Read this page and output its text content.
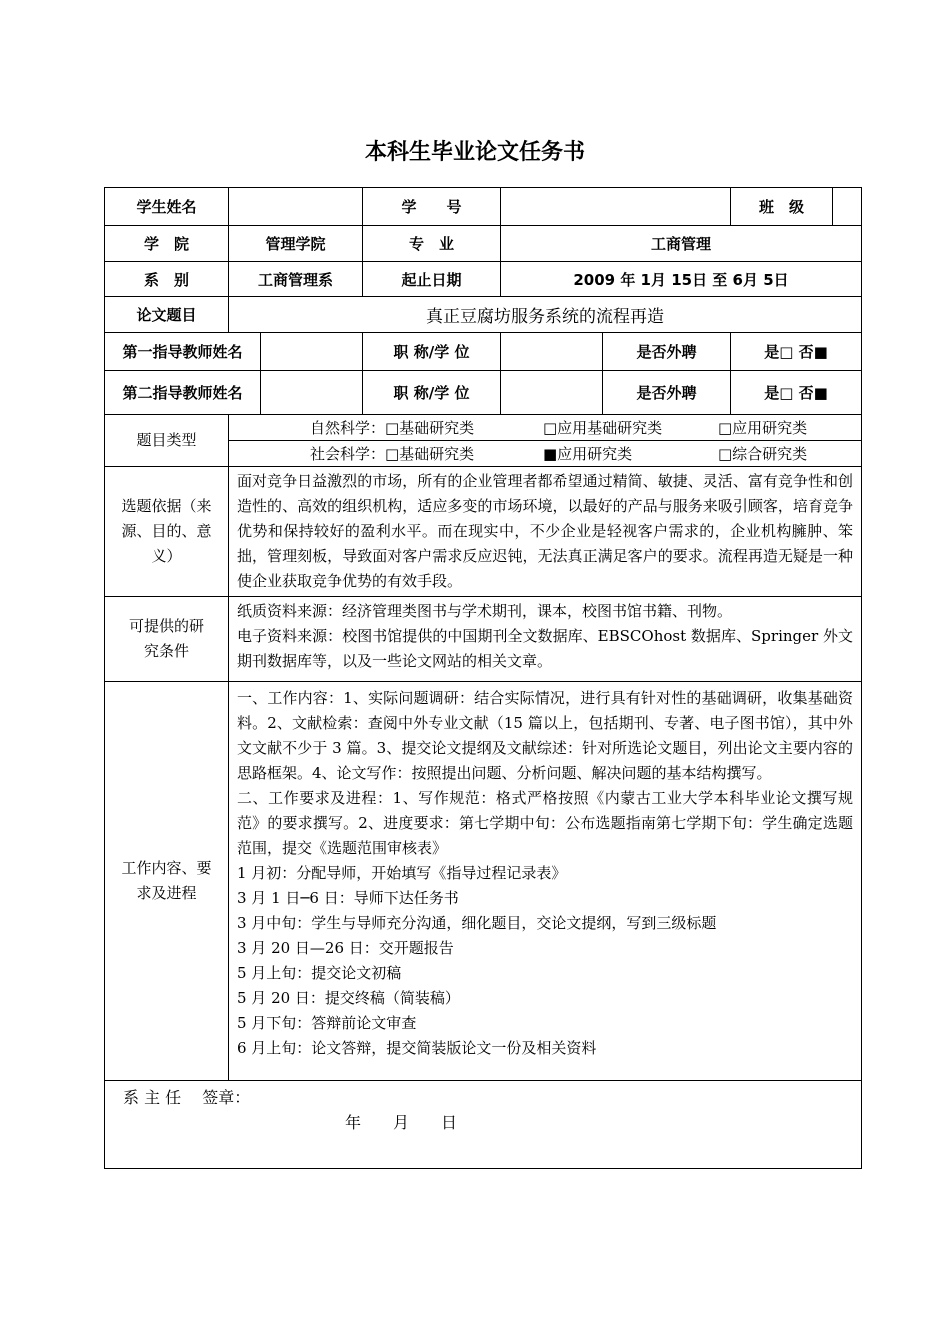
本科生毕业论文任务书
学生姓名		学　　号			班　级	

学　院	管理学院	专　业	工商管理
系　别	工商管理系	起止日期	2009 年 1月 15日 至 6月 5日
论文题目	真正豆腐坊服务系统的流程再造
第一指导教师姓名		职 称/学 位		是否外聘	是□ 否■
第二指导教师姓名		职 称/学 位		是否外聘	是□ 否■
题目类型	
自然科学：	□基础研究类	□应用基础研究类	□应用研究类
社会科学：	□基础研究类	■应用研究类	□综合研究类

选题依据（来源、目的、意义）	面对竞争日益激烈的市场，所有的企业管理者都希望通过精简、敏捷、灵活、富有竞争性和创造性的、高效的组织机构，适应多变的市场环境，以最好的产品与服务来吸引顾客，培育竞争优势和保持较好的盈利水平。而在现实中，不少企业是轻视客户需求的，企业机构臃肿、笨拙，管理刻板，导致面对客户需求反应迟钝，无法真正满足客户的要求。流程再造无疑是一种使企业获取竞争优势的有效手段。
可提供的研究条件	
纸质资料来源：经济管理类图书与学术期刊，课本，校图书馆书籍、刊物。
电子资料来源：校图书馆提供的中国期刊全文数据库、EBSCOhost 数据库、Springer 外文期刊数据库等，以及一些论文网站的相关文章。

工作内容、要求及进程	
一、工作内容：1、实际问题调研：结合实际情况，进行具有针对性的基础调研，收集基础资料。2、文献检索：查阅中外专业文献（15 篇以上，包括期刊、专著、电子图书馆），其中外文文献不少于 3 篇。3、提交论文提纲及文献综述：针对所选论文题目，列出论文主要内容的思路框架。4、论文写作：按照提出问题、分析问题、解决问题的基本结构撰写。
二、工作要求及进程：1、写作规范：格式严格按照《内蒙古工业大学本科毕业论文撰写规范》的要求撰写。2、进度要求：第七学期中旬：公布选题指南第七学期下旬：学生确定选题范围，提交《选题范围审核表》
1 月初：分配导师，开始填写《指导过程记录表》
3 月 1 日─6 日：导师下达任务书
3 月中旬：学生与导师充分沟通，细化题目，交论文提纲，写到三级标题
3 月 20 日—26 日：交开题报告
5 月上旬：提交论文初稿
5 月 20 日：提交终稿（简装稿）
5 月下旬：答辩前论文审查
6 月上旬：论文答辩，提交简装版论文一份及相关资料

系 主 任　 签章：
年　　月　　日
